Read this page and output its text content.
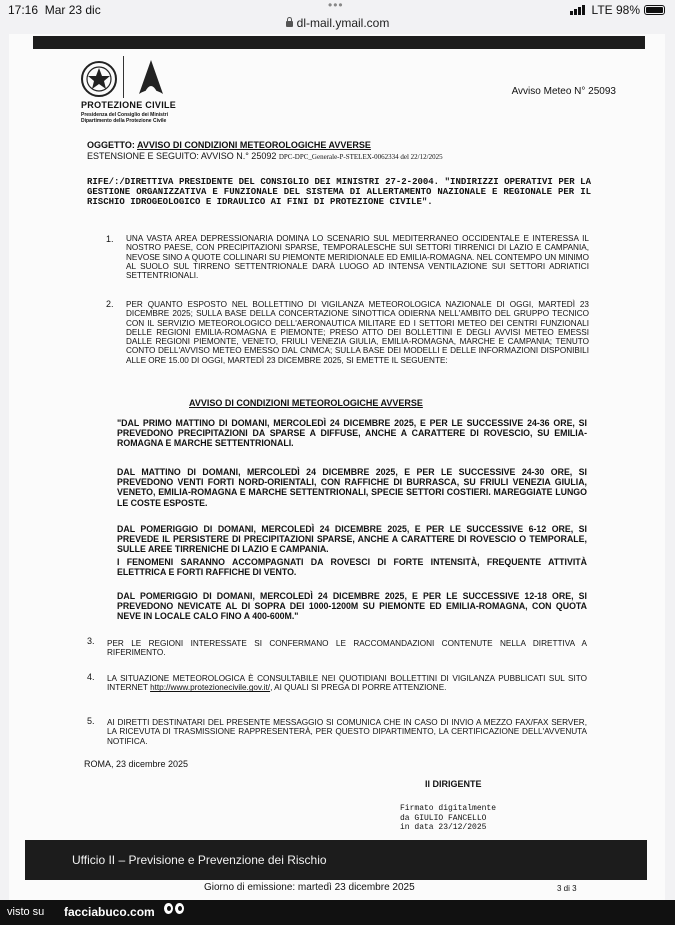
17:16 Mar 23 dic	•••	LTE 98%
dl-mail.ymail.com
PROTEZIONE CIVILE
Presidenza del Consiglio dei Ministri Dipartimento della Protezione Civile
Avviso Meteo N° 25093
OGGETTO: AVVISO DI CONDIZIONI METEOROLOGICHE AVVERSE
ESTENSIONE E SEGUITO: AVVISO N.° 25092 DPC-DPC_Generale-P-STELEX-0062334 del 22/12/2025
RIFE/:/DIRETTIVA PRESIDENTE DEL CONSIGLIO DEI MINISTRI 27-2-2004. "INDIRIZZI OPERATIVI PER LA GESTIONE ORGANIZZATIVA E FUNZIONALE DEL SISTEMA DI ALLERTAMENTO NAZIONALE E REGIONALE PER IL RISCHIO IDROGEOLOGICO E IDRAULICO AI FINI DI PROTEZIONE CIVILE".
1. UNA VASTA AREA DEPRESSIONARIA DOMINA LO SCENARIO SUL MEDITERRANEO OCCIDENTALE E INTERESSA IL NOSTRO PAESE, CON PRECIPITAZIONI SPARSE, TEMPORALESCHE SUI SETTORI TIRRENICI DI LAZIO E CAMPANIA, NEVOSE SINO A QUOTE COLLINARI SU PIEMONTE MERIDIONALE ED EMILIA-ROMAGNA. NEL CONTEMPO UN MINIMO AL SUOLO SUL TIRRENO SETTENTRIONALE DARÀ LUOGO AD INTENSA VENTILAZIONE SUI SETTORI ADRIATICI SETTENTRIONALI.
2. PER QUANTO ESPOSTO NEL BOLLETTINO DI VIGILANZA METEOROLOGICA NAZIONALE DI OGGI, MARTEDÌ 23 DICEMBRE 2025; SULLA BASE DELLA CONCERTAZIONE SINOTTICA ODIERNA NELL'AMBITO DEL GRUPPO TECNICO CON IL SERVIZIO METEOROLOGICO DELL'AERONAUTICA MILITARE ED I SETTORI METEO DEI CENTRI FUNZIONALI DELLE REGIONI EMILIA-ROMAGNA E PIEMONTE; PRESO ATTO DEI BOLLETTINI E DEGLI AVVISI METEO EMESSI DALLE REGIONI PIEMONTE, VENETO, FRIULI VENEZIA GIULIA, EMILIA-ROMAGNA, MARCHE E CAMPANIA; TENUTO CONTO DELL'AVVISO METEO EMESSO DAL CNMCA; SULLA BASE DEI MODELLI E DELLE INFORMAZIONI DISPONIBILI ALLE ORE 15.00 DI OGGI, MARTEDÌ 23 DICEMBRE 2025, SI EMETTE IL SEGUENTE:
AVVISO DI CONDIZIONI METEOROLOGICHE AVVERSE
"DAL PRIMO MATTINO DI DOMANI, MERCOLEDÌ 24 DICEMBRE 2025, E PER LE SUCCESSIVE 24-36 ORE, SI PREVEDONO PRECIPITAZIONI DA SPARSE A DIFFUSE, ANCHE A CARATTERE DI ROVESCIO, SU EMILIA-ROMAGNA E MARCHE SETTENTRIONALI.
DAL MATTINO DI DOMANI, MERCOLEDÌ 24 DICEMBRE 2025, E PER LE SUCCESSIVE 24-30 ORE, SI PREVEDONO VENTI FORTI NORD-ORIENTALI, CON RAFFICHE DI BURRASCA, SU FRIULI VENEZIA GIULIA, VENETO, EMILIA-ROMAGNA E MARCHE SETTENTRIONALI, SPECIE SETTORI COSTIERI. MAREGGIATE LUNGO LE COSTE ESPOSTE.
DAL POMERIGGIO DI DOMANI, MERCOLEDÌ 24 DICEMBRE 2025, E PER LE SUCCESSIVE 6-12 ORE, SI PREVEDE IL PERSISTERE DI PRECIPITAZIONI SPARSE, ANCHE A CARATTERE DI ROVESCIO O TEMPORALE, SULLE AREE TIRRENICHE DI LAZIO E CAMPANIA.
I FENOMENI SARANNO ACCOMPAGNATI DA ROVESCI DI FORTE INTENSITÀ, FREQUENTE ATTIVITÀ ELETTRICA E FORTI RAFFICHE DI VENTO.
DAL POMERIGGIO DI DOMANI, MERCOLEDÌ 24 DICEMBRE 2025, E PER LE SUCCESSIVE 12-18 ORE, SI PREVEDONO NEVICATE AL DI SOPRA DEI 1000-1200M SU PIEMONTE ED EMILIA-ROMAGNA, CON QUOTA NEVE IN LOCALE CALO FINO A 400-600M."
3. PER LE REGIONI INTERESSATE SI CONFERMANO LE RACCOMANDAZIONI CONTENUTE NELLA DIRETTIVA A RIFERIMENTO.
4. LA SITUAZIONE METEOROLOGICA È CONSULTABILE NEI QUOTIDIANI BOLLETTINI DI VIGILANZA PUBBLICATI SUL SITO INTERNET http://www.protezionecivile.gov.it/, AI QUALI SI PREGA DI PORRE ATTENZIONE.
5. AI DIRETTI DESTINATARI DEL PRESENTE MESSAGGIO SI COMUNICA CHE IN CASO DI INVIO A MEZZO FAX/FAX SERVER, LA RICEVUTA DI TRASMISSIONE RAPPRESENTERÀ, PER QUESTO DIPARTIMENTO, LA CERTIFICAZIONE DELL'AVVENUTA NOTIFICA.
ROMA, 23 dicembre 2025
Il DIRIGENTE
Firmato digitalmente
da GIULIO FANCELLO
in data 23/12/2025
Ufficio II – Previsione e Prevenzione dei Rischio
Giorno di emissione: martedì 23 dicembre 2025	3 di 3
visto su facciabuco.com
